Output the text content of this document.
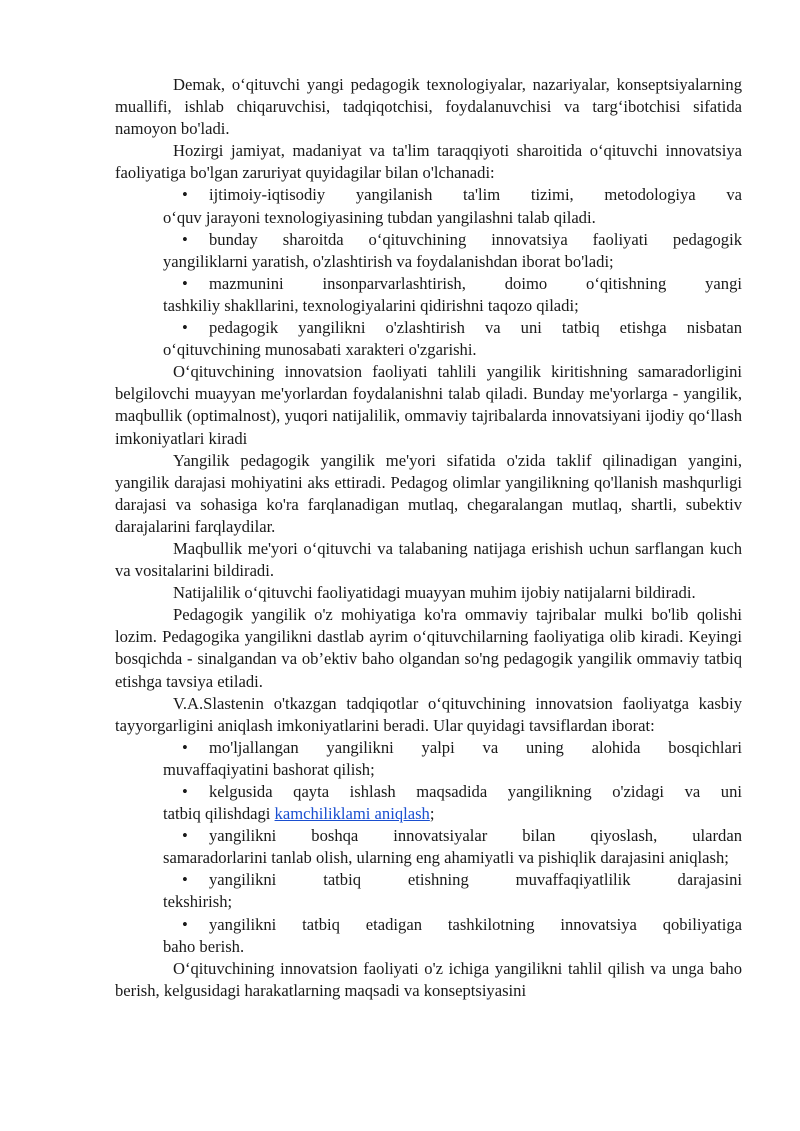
Demak, oʻqituvchi yangi pedagogik texnologiyalar, nazariyalar, konseptsiyalarning muallifi, ishlab chiqaruvchisi, tadqiqotchisi, foydalanuvchisi va targʻibotchisi sifatida namoyon bo'ladi.

Hozirgi jamiyat, madaniyat va ta'lim taraqqiyoti sharoitida oʻqituvchi innovatsiya faoliyatiga bo'lgan zaruriyat quyidagilar bilan o'lchanadi:

•	ijtimoiy-iqtisodiy yangilanish ta'lim tizimi, metodologiya va

oʻquv jarayoni texnologiyasining tubdan yangilashni talab qiladi.

•	bunday sharoitda oʻqituvchining innovatsiya faoliyati pedagogik

yangiliklarni yaratish, o'zlashtirish va foydalanishdan iborat bo'ladi;

•	mazmunini insonparvarlashtirish, doimo oʻqitishning yangi

tashkiliy shakllarini, texnologiyalarini qidirishni taqozo qiladi;

•	pedagogik yangilikni o'zlashtirish va uni tatbiq etishga nisbatan

oʻqituvchining munosabati xarakteri o'zgarishi.

Oʻqituvchining innovatsion faoliyati tahlili yangilik kiritishning samaradorligini belgilovchi muayyan me'yorlardan foydalanishni talab qiladi. Bunday me'yorlarga - yangilik, maqbullik (optimalnost), yuqori natijalilik, ommaviy tajribalarda innovatsiyani ijodiy qoʻllash imkoniyatlari kiradi

Yangilik pedagogik yangilik me'yori sifatida o'zida taklif qilinadigan yangini, yangilik darajasi mohiyatini aks ettiradi. Pedagog olimlar yangilikning qo'llanish mashqurligi darajasi va sohasiga ko'ra farqlanadigan mutlaq, chegaralangan mutlaq, shartli, subektiv darajalarini farqlaydilar.

Maqbullik me'yori oʻqituvchi va talabaning natijaga erishish uchun sarflangan kuch va vositalarini bildiradi.

Natijalilik oʻqituvchi faoliyatidagi muayyan muhim ijobiy natijalarni bildiradi.

Pedagogik yangilik o'z mohiyatiga ko'ra ommaviy tajribalar mulki bo'lib qolishi lozim. Pedagogika yangilikni dastlab ayrim oʻqituvchilarning faoliyatiga olib kiradi. Keyingi bosqichda - sinalgandan va ob’ektiv baho olgandan so'ng pedagogik yangilik ommaviy tatbiq etishga tavsiya etiladi.

V.A.Slastenin o'tkazgan tadqiqotlar oʻqituvchining innovatsion faoliyatga kasbiy tayyorgarligini aniqlash imkoniyatlarini beradi. Ular quyidagi tavsiflardan iborat:

•	mo'ljallangan yangilikni yalpi va uning alohida bosqichlari

muvaffaqiyatini bashorat qilish;

•	kelgusida qayta ishlash maqsadida yangilikning o'zidagi va uni

tatbiq qilishdagi kamchiliklami aniqlash;

•	yangilikni boshqa innovatsiyalar bilan qiyoslash, ulardan

samaradorlarini tanlab olish, ularning eng ahamiyatli va pishiqlik darajasini aniqlash;

•	yangilikni tatbiq etishning muvaffaqiyatlilik darajasini

tekshirish;

•	yangilikni tatbiq etadigan tashkilotning innovatsiya qobiliyatiga

baho berish.

Oʻqituvchining innovatsion faoliyati o'z ichiga yangilikni tahlil qilish va unga baho berish, kelgusidagi harakatlarning maqsadi va konseptsiyasini
